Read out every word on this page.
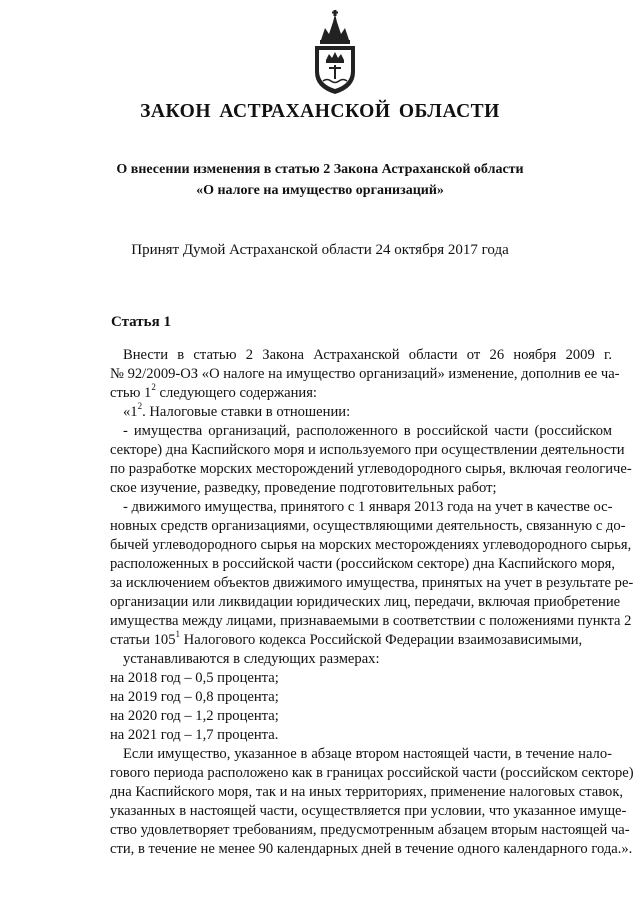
ЗАКОН АСТРАХАНСКОЙ ОБЛАСТИ
О внесении изменения в статью 2 Закона Астраханской области
«О налоге на имущество организаций»
Принят Думой Астраханской области 24 октября 2017 года
Статья 1
Внести в статью 2 Закона Астраханской области от 26 ноября 2009 г.
№ 92/2009-ОЗ «О налоге на имущество организаций» изменение, дополнив ее ча-
стью $1^2$ следующего содержания:
«$1^2$. Налоговые ставки в отношении:
- имущества организаций, расположенного в российской части (российском
секторе) дна Каспийского моря и используемого при осуществлении деятельности
по разработке морских месторождений углеводородного сырья, включая геологиче-
ское изучение, разведку, проведение подготовительных работ;
- движимого имущества, принятого с 1 января 2013 года на учет в качестве ос-
новных средств организациями, осуществляющими деятельность, связанную с до-
бычей углеводородного сырья на морских месторождениях углеводородного сырья,
расположенных в российской части (российском секторе) дна Каспийского моря,
за исключением объектов движимого имущества, принятых на учет в результате ре-
организации или ликвидации юридических лиц, передачи, включая приобретение
имущества между лицами, признаваемыми в соответствии с положениями пункта 2
статьи $105^1$ Налогового кодекса Российской Федерации взаимозависимыми,
устанавливаются в следующих размерах:
на 2018 год – 0,5 процента;
на 2019 год – 0,8 процента;
на 2020 год – 1,2 процента;
на 2021 год – 1,7 процента.
Если имущество, указанное в абзаце втором настоящей части, в течение нало-
гового периода расположено как в границах российской части (российском секторе)
дна Каспийского моря, так и на иных территориях, применение налоговых ставок,
указанных в настоящей части, осуществляется при условии, что указанное имуще-
ство удовлетворяет требованиям, предусмотренным абзацем вторым настоящей ча-
сти, в течение не менее 90 календарных дней в течение одного календарного года.».
